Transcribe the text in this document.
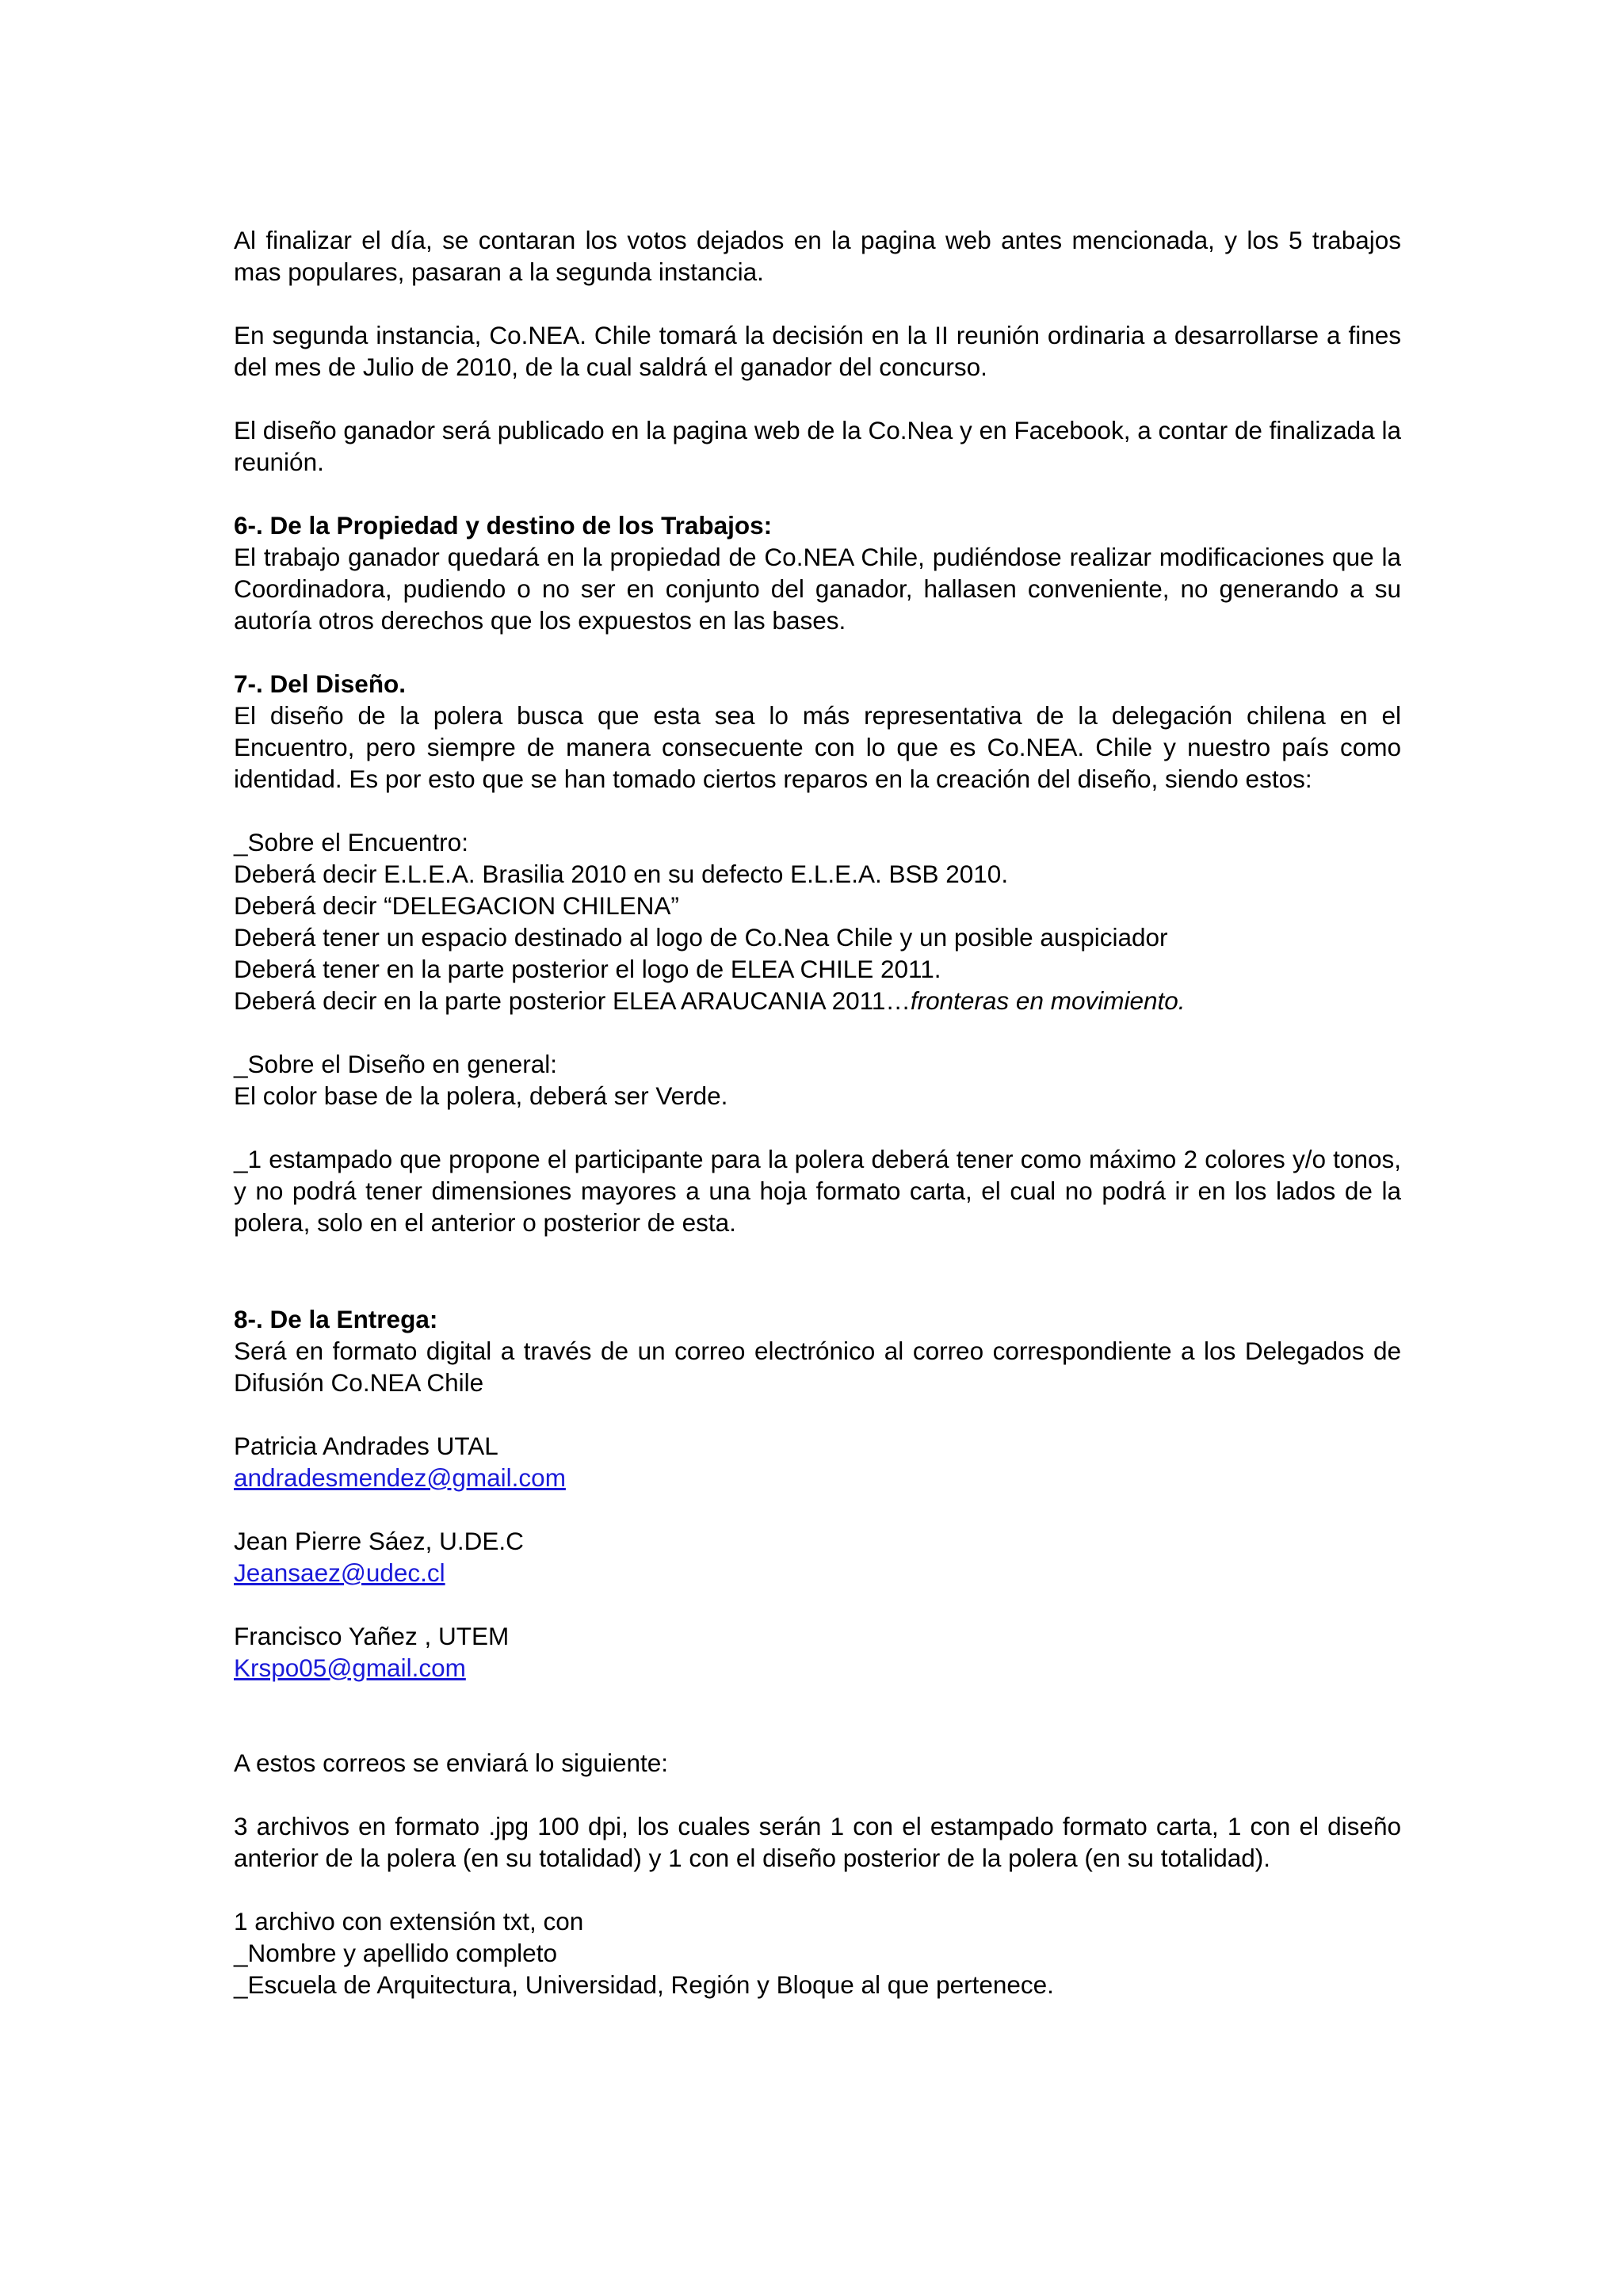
Al finalizar el día, se contaran los votos dejados en la pagina web antes mencionada, y los 5 trabajos mas populares, pasaran a la segunda instancia.

En segunda instancia, Co.NEA. Chile tomará la decisión en la II reunión ordinaria a desarrollarse a fines del mes de Julio de 2010, de la cual saldrá el ganador del concurso.

El diseño ganador será publicado en la pagina web de la Co.Nea y en Facebook, a contar de finalizada la reunión.

6-. De la Propiedad y destino de los Trabajos:

El trabajo ganador quedará en la propiedad de Co.NEA Chile, pudiéndose realizar modificaciones que la Coordinadora, pudiendo o no ser en conjunto del ganador, hallasen conveniente, no generando a su autoría otros derechos que los expuestos en las bases.

7-. Del Diseño.

El diseño de la polera busca que esta sea lo más representativa de la delegación chilena en el Encuentro, pero siempre de manera consecuente con lo que es Co.NEA. Chile y nuestro país como identidad. Es por esto que se han tomado ciertos reparos en la creación del diseño, siendo estos:

_Sobre el Encuentro:

Deberá decir E.L.E.A. Brasilia 2010 en su defecto E.L.E.A. BSB 2010.

Deberá decir “DELEGACION CHILENA”

Deberá tener un espacio destinado al logo de Co.Nea Chile y un posible auspiciador

Deberá tener en la parte posterior el logo de ELEA CHILE 2011.

Deberá decir en la parte posterior ELEA ARAUCANIA 2011…fronteras en movimiento.

_Sobre el Diseño en general:

El color base de la polera, deberá ser Verde.

_1 estampado que propone el participante para la polera deberá tener como máximo 2 colores y/o tonos, y no podrá tener dimensiones mayores a una hoja formato carta, el cual no podrá ir en los lados de la polera, solo en el anterior o posterior de esta.

8-. De la Entrega:

Será en formato digital a través de un correo electrónico al correo correspondiente a los Delegados de Difusión Co.NEA Chile

Patricia Andrades UTAL

andradesmendez@gmail.com

Jean Pierre Sáez, U.DE.C

Jeansaez@udec.cl

Francisco Yañez , UTEM

Krspo05@gmail.com

A estos correos se enviará lo siguiente:

3 archivos en formato .jpg 100 dpi, los cuales serán 1 con el estampado formato carta, 1 con el diseño anterior de la polera (en su totalidad) y 1 con el diseño posterior de la polera (en su totalidad).

1 archivo con extensión txt, con

_Nombre y apellido completo

_Escuela de Arquitectura, Universidad, Región y Bloque al que pertenece.
